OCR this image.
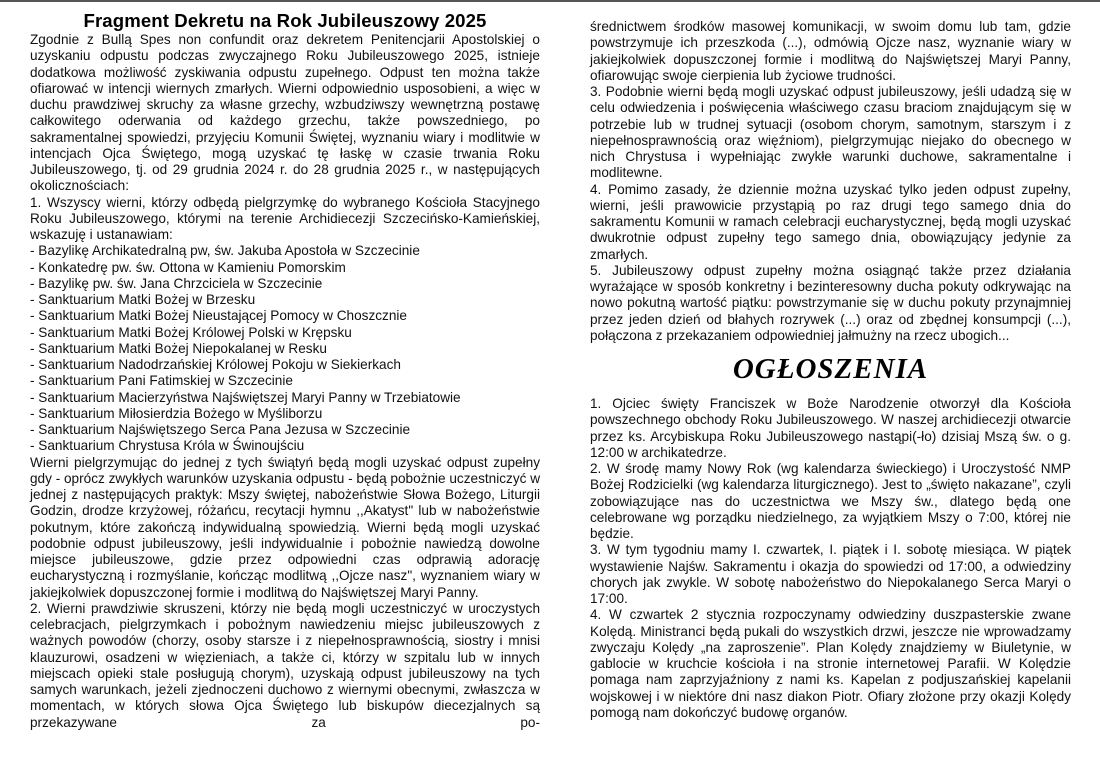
Fragment Dekretu na Rok Jubileuszowy 2025

Zgodnie z Bullą Spes non confundit oraz dekretem Penitencjarii Apostolskiej o uzyskaniu odpustu podczas zwyczajnego Roku Jubileuszowego 2025, istnieje dodatkowa możliwość zyskiwania odpustu zupełnego. Odpust ten można także ofiarować w intencji wiernych zmarłych. Wierni odpowiednio usposobieni, a więc w duchu prawdziwej skruchy za własne grzechy, wzbudziwszy wewnętrzną postawę całkowitego oderwania od każdego grzechu, także powszedniego, po sakramentalnej spowiedzi, przyjęciu Komunii Świętej, wyznaniu wiary i modlitwie w intencjach Ojca Świętego, mogą uzyskać tę łaskę w czasie trwania Roku Jubileuszowego, tj. od 29 grudnia 2024 r. do 28 grudnia 2025 r., w następujących okolicznościach:

1. Wszyscy wierni, którzy odbędą pielgrzymkę do wybranego Kościoła Stacyjnego Roku Jubileuszowego, którymi na terenie Archidiecezji Szczecińsko-Kamieńskiej, wskazuję i ustanawiam:

- Bazylikę Archikatedralną pw, św. Jakuba Apostoła w Szczecinie
- Konkatedrę pw. św. Ottona w Kamieniu Pomorskim
- Bazylikę pw. św. Jana Chrzciciela w Szczecinie
- Sanktuarium Matki Bożej w Brzesku
- Sanktuarium Matki Bożej Nieustającej Pomocy w Choszcznie
- Sanktuarium Matki Bożej Królowej Polski w Krępsku
- Sanktuarium Matki Bożej Niepokalanej w Resku
- Sanktuarium Nadodrzańskiej Królowej Pokoju w Siekierkach
- Sanktuarium Pani Fatimskiej w Szczecinie
- Sanktuarium Macierzyństwa Najświętszej Maryi Panny w Trzebiatowie
- Sanktuarium Miłosierdzia Bożego w Myśliborzu
- Sanktuarium Najświętszego Serca Pana Jezusa w Szczecinie
- Sanktuarium Chrystusa Króla w Świnoujściu

Wierni pielgrzymując do jednej z tych świątyń będą mogli uzyskać odpust zupełny gdy - oprócz zwykłych warunków uzyskania odpustu - będą pobożnie uczestniczyć w jednej z następujących praktyk: Mszy świętej, nabożeństwie Słowa Bożego, Liturgii Godzin, drodze krzyżowej, różańcu, recytacji hymnu ,,Akatyst" lub w nabożeństwie pokutnym, które zakończą indywidualną spowiedzią. Wierni będą mogli uzyskać podobnie odpust jubileuszowy, jeśli indywidualnie i pobożnie nawiedzą dowolne miejsce jubileuszowe, gdzie przez odpowiedni czas odprawią adorację eucharystyczną i rozmyślanie, kończąc modlitwą ,,Ojcze nasz", wyznaniem wiary w jakiejkolwiek dopuszczonej formie i modlitwą do Najświętszej Maryi Panny.

2. Wierni prawdziwie skruszeni, którzy nie będą mogli uczestniczyć w uroczystych celebracjach, pielgrzymkach i pobożnym nawiedzeniu miejsc jubileuszowych z ważnych powodów (chorzy, osoby starsze i z niepełnosprawnością, siostry i mnisi klauzurowi, osadzeni w więzieniach, a także ci, którzy w szpitalu lub w innych miejscach opieki stale posługują chorym), uzyskają odpust jubileuszowy na tych samych warunkach, jeżeli zjednoczeni duchowo z wiernymi obecnymi, zwłaszcza w momentach, w których słowa Ojca Świętego lub biskupów diecezjalnych są przekazywane za po-

średnictwem środków masowej komunikacji, w swoim domu lub tam, gdzie powstrzymuje ich przeszkoda (...), odmówią Ojcze nasz, wyznanie wiary w jakiejkolwiek dopuszczonej formie i modlitwą do Najświętszej Maryi Panny, ofiarowując swoje cierpienia lub życiowe trudności.

3. Podobnie wierni będą mogli uzyskać odpust jubileuszowy, jeśli udadzą się w celu odwiedzenia i poświęcenia właściwego czasu braciom znajdującym się w potrzebie lub w trudnej sytuacji (osobom chorym, samotnym, starszym i z niepełnosprawnością oraz więźniom), pielgrzymując niejako do obecnego w nich Chrystusa i wypełniając zwykłe warunki duchowe, sakramentalne i modlitewne.

4. Pomimo zasady, że dziennie można uzyskać tylko jeden odpust zupełny, wierni, jeśli prawowicie przystąpią po raz drugi tego samego dnia do sakramentu Komunii w ramach celebracji eucharystycznej, będą mogli uzyskać dwukrotnie odpust zupełny tego samego dnia, obowiązujący jedynie za zmarłych.

5. Jubileuszowy odpust zupełny można osiągnąć także przez działania wyrażające w sposób konkretny i bezinteresowny ducha pokuty odkrywając na nowo pokutną wartość piątku: powstrzymanie się w duchu pokuty przynajmniej przez jeden dzień od błahych rozrywek (...) oraz od zbędnej konsumpcji (...), połączona z przekazaniem odpowiedniej jałmużny na rzecz ubogich...

OGŁOSZENIA

1. Ojciec święty Franciszek w Boże Narodzenie otworzył dla Kościoła powszechnego obchody Roku Jubileuszowego. W naszej archidiecezji otwarcie przez ks. Arcybiskupa Roku Jubileuszowego nastąpi(-ło) dzisiaj Mszą św. o g. 12:00 w archikatedrze.

2. W środę mamy Nowy Rok (wg kalendarza świeckiego) i Uroczystość NMP Bożej Rodzicielki (wg kalendarza liturgicznego). Jest to „święto nakazane”, czyli zobowiązujące nas do uczestnictwa we Mszy św., dlatego będą one celebrowane wg porządku niedzielnego, za wyjątkiem Mszy o 7:00, której nie będzie.

3. W tym tygodniu mamy I. czwartek, I. piątek i I. sobotę miesiąca. W piątek wystawienie Najśw. Sakramentu i okazja do spowiedzi od 17:00, a odwiedziny chorych jak zwykle. W sobotę nabożeństwo do Niepokalanego Serca Maryi o 17:00.

4. W czwartek 2 stycznia rozpoczynamy odwiedziny duszpasterskie zwane Kolędą. Ministranci będą pukali do wszystkich drzwi, jeszcze nie wprowadzamy zwyczaju Kolędy „na zaproszenie”. Plan Kolędy znajdziemy w Biuletynie, w gablocie w kruchcie kościoła i na stronie internetowej Parafii. W Kolędzie pomaga nam zaprzyjaźniony z nami ks. Kapelan z podjuszańskiej kapelanii wojskowej i w niektóre dni nasz diakon Piotr. Ofiary złożone przy okazji Kolędy pomogą nam dokończyć budowę organów.
